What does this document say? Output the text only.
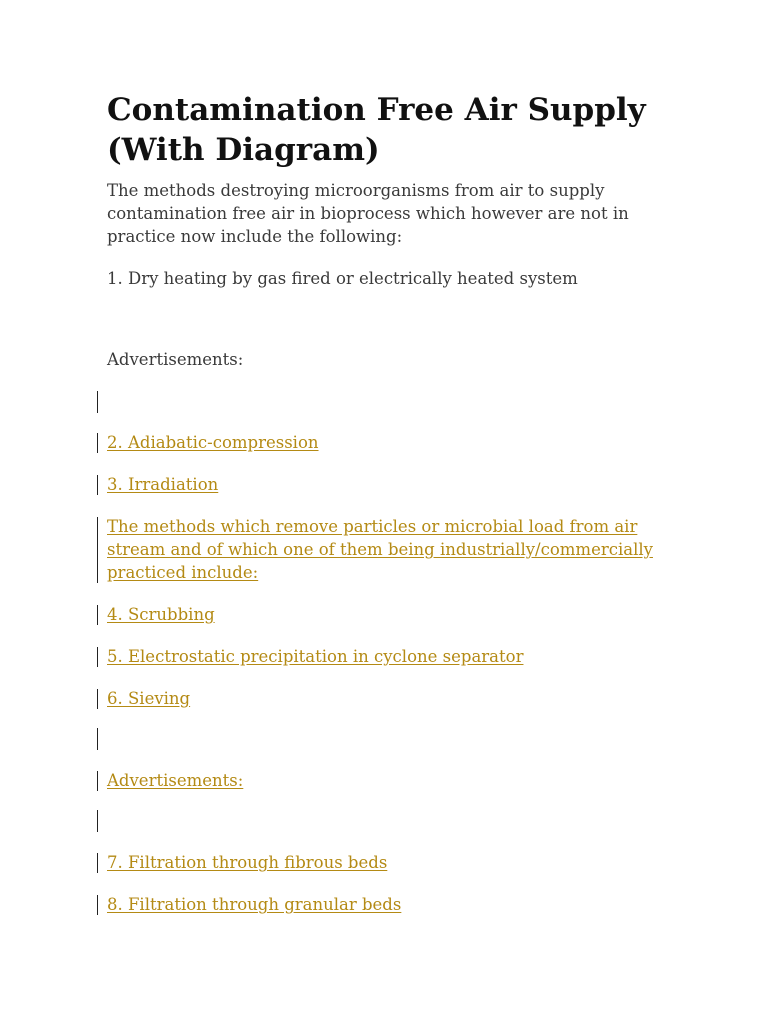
Contamination Free Air Supply (With Diagram)

The methods destroying microorganisms from air to supply contamination free air in bioprocess which however are not in practice now include the following:

1. Dry heating by gas fired or electrically heated system

Advertisements:

2. Adiabatic-compression
3. Irradiation
The methods which remove particles or microbial load from air stream and of which one of them being industrially/commercially practiced include:
4. Scrubbing
5. Electrostatic precipitation in cyclone separator
6. Sieving
Advertisements:
7. Filtration through fibrous beds
8. Filtration through granular beds
